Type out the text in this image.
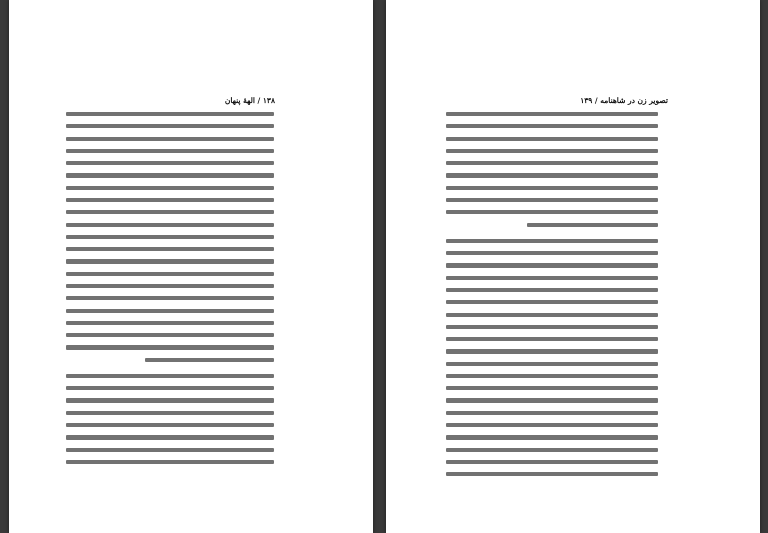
۱۳۸ / الههٔ پنهان	تصویر زن در شاهنامه / ۱۳۹
